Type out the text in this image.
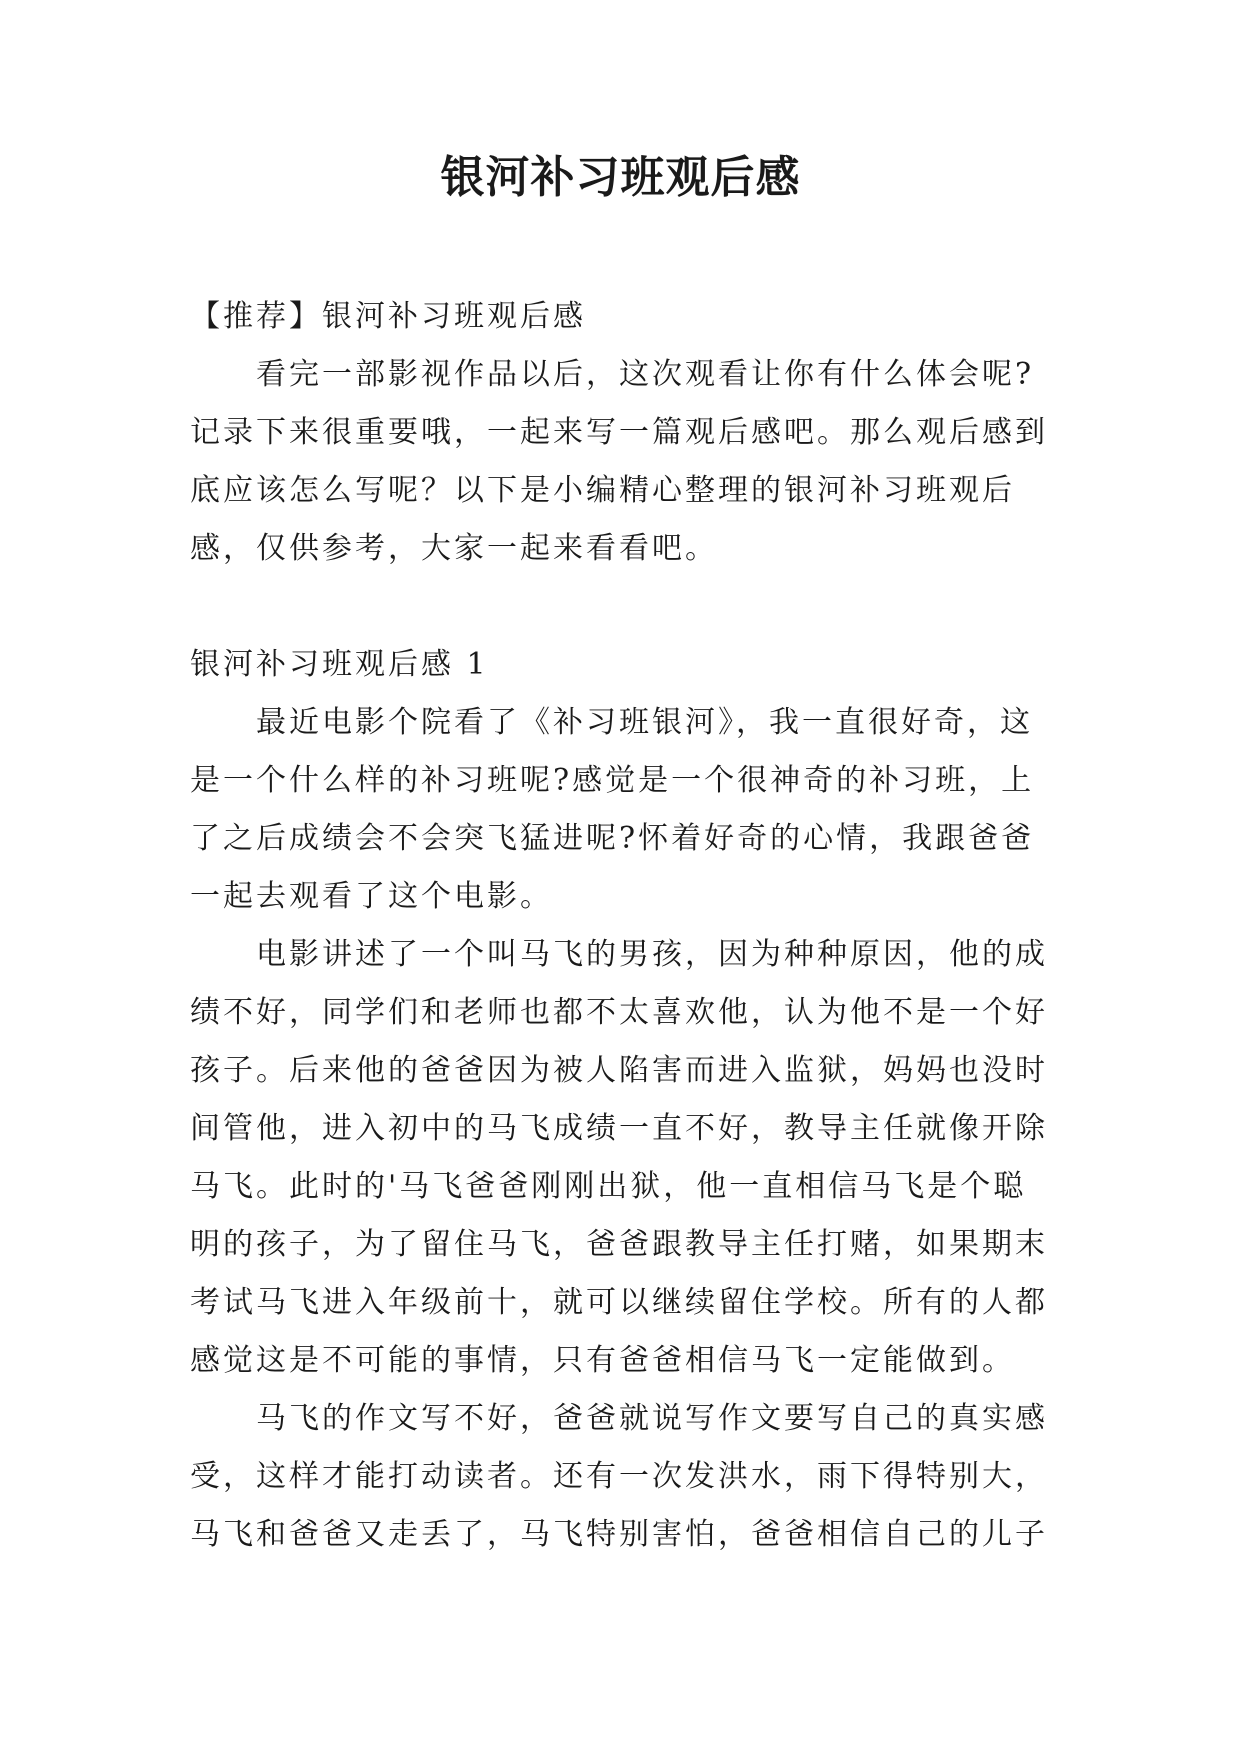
银河补习班观后感
【推荐】银河补习班观后感
看完一部影视作品以后，这次观看让你有什么体会呢?
记录下来很重要哦，一起来写一篇观后感吧。那么观后感到
底应该怎么写呢？以下是小编精心整理的银河补习班观后
感，仅供参考，大家一起来看看吧。
银河补习班观后感 1
最近电影个院看了《补习班银河》，我一直很好奇，这
是一个什么样的补习班呢?感觉是一个很神奇的补习班，上
了之后成绩会不会突飞猛进呢?怀着好奇的心情，我跟爸爸
一起去观看了这个电影。
电影讲述了一个叫马飞的男孩，因为种种原因，他的成
绩不好，同学们和老师也都不太喜欢他，认为他不是一个好
孩子。后来他的爸爸因为被人陷害而进入监狱，妈妈也没时
间管他，进入初中的马飞成绩一直不好，教导主任就像开除
马飞。此时的'马飞爸爸刚刚出狱，他一直相信马飞是个聪
明的孩子，为了留住马飞，爸爸跟教导主任打赌，如果期末
考试马飞进入年级前十，就可以继续留住学校。所有的人都
感觉这是不可能的事情，只有爸爸相信马飞一定能做到。
马飞的作文写不好，爸爸就说写作文要写自己的真实感
受，这样才能打动读者。还有一次发洪水，雨下得特别大，
马飞和爸爸又走丢了，马飞特别害怕，爸爸相信自己的儿子
